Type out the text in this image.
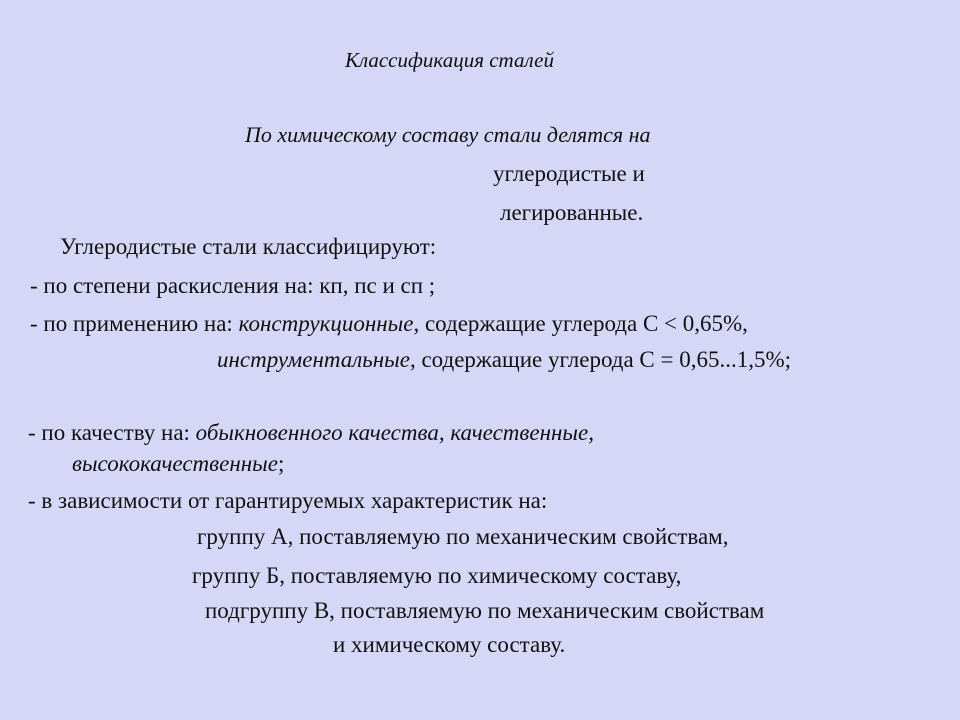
Классификация сталей
По химическому составу стали делятся на
углеродистые и
легированные.
Углеродистые стали классифицируют:
- по степени раскисления на: кп, пс и сп ;
- по применению на: конструкционные, содержащие углерода С < 0,65%,
инструментальные, содержащие углерода С = 0,65...1,5%;
- по качеству на: обыкновенного качества, качественные,
высококачественные;
- в зависимости от гарантируемых характеристик на:
группу А, поставляемую по механическим свойствам,
группу Б, поставляемую по химическому составу,
подгруппу В, поставляемую по механическим свойствам
и химическому составу.
